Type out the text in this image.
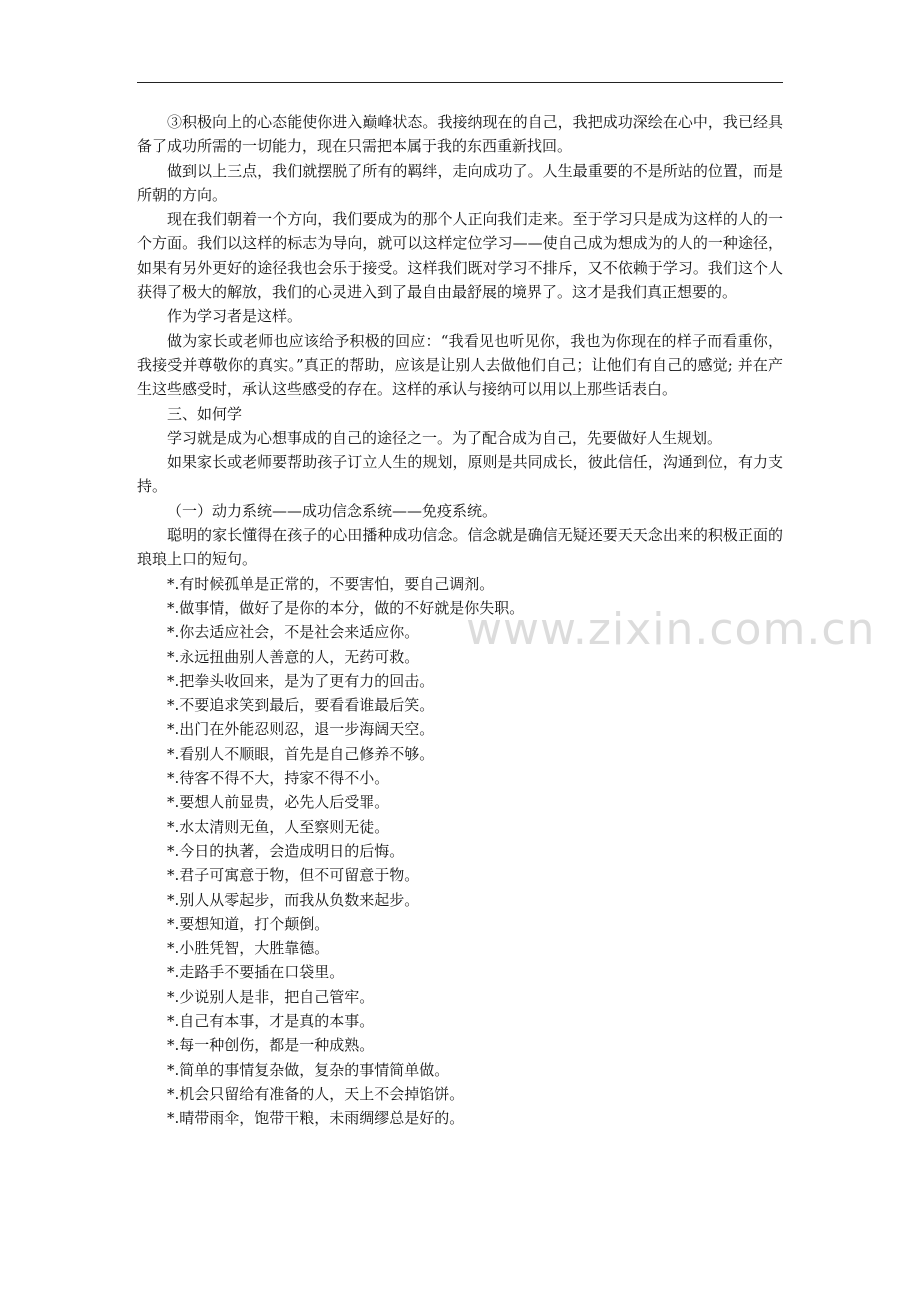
www.zixin.com.cn

③积极向上的心态能使你进入巅峰状态。我接纳现在的自己，我把成功深绘在心中，我已经具备了成功所需的一切能力，现在只需把本属于我的东西重新找回。

做到以上三点，我们就摆脱了所有的羁绊，走向成功了。人生最重要的不是所站的位置，而是所朝的方向。

现在我们朝着一个方向，我们要成为的那个人正向我们走来。至于学习只是成为这样的人的一个方面。我们以这样的标志为导向，就可以这样定位学习——使自己成为想成为的人的一种途径，如果有另外更好的途径我也会乐于接受。这样我们既对学习不排斥，又不依赖于学习。我们这个人获得了极大的解放，我们的心灵进入到了最自由最舒展的境界了。这才是我们真正想要的。

作为学习者是这样。

做为家长或老师也应该给予积极的回应：“我看见也听见你，我也为你现在的样子而看重你，我接受并尊敬你的真实。”真正的帮助，应该是让别人去做他们自己；让他们有自己的感觉; 并在产生这些感受时，承认这些感受的存在。这样的承认与接纳可以用以上那些话表白。

三、如何学

学习就是成为心想事成的自己的途径之一。为了配合成为自己，先要做好人生规划。

如果家长或老师要帮助孩子订立人生的规划，原则是共同成长，彼此信任，沟通到位，有力支持。

（一）动力系统——成功信念系统——免疫系统。

聪明的家长懂得在孩子的心田播种成功信念。信念就是确信无疑还要天天念出来的积极正面的琅琅上口的短句。

*.有时候孤单是正常的，不要害怕，要自己调剂。

*.做事情，做好了是你的本分，做的不好就是你失职。

*.你去适应社会，不是社会来适应你。

*.永远扭曲别人善意的人，无药可救。

*.把拳头收回来，是为了更有力的回击。

*.不要追求笑到最后，要看看谁最后笑。

*.出门在外能忍则忍，退一步海阔天空。

*.看别人不顺眼，首先是自己修养不够。

*.待客不得不大，持家不得不小。

*.要想人前显贵，必先人后受罪。

*.水太清则无鱼，人至察则无徒。

*.今日的执著，会造成明日的后悔。

*.君子可寓意于物，但不可留意于物。

*.别人从零起步，而我从负数来起步。

*.要想知道，打个颠倒。

*.小胜凭智，大胜靠德。

*.走路手不要插在口袋里。

*.少说别人是非，把自己管牢。

*.自己有本事，才是真的本事。

*.每一种创伤，都是一种成熟。

*.简单的事情复杂做，复杂的事情简单做。

*.机会只留给有准备的人，天上不会掉馅饼。

*.晴带雨伞，饱带干粮，未雨绸缪总是好的。
